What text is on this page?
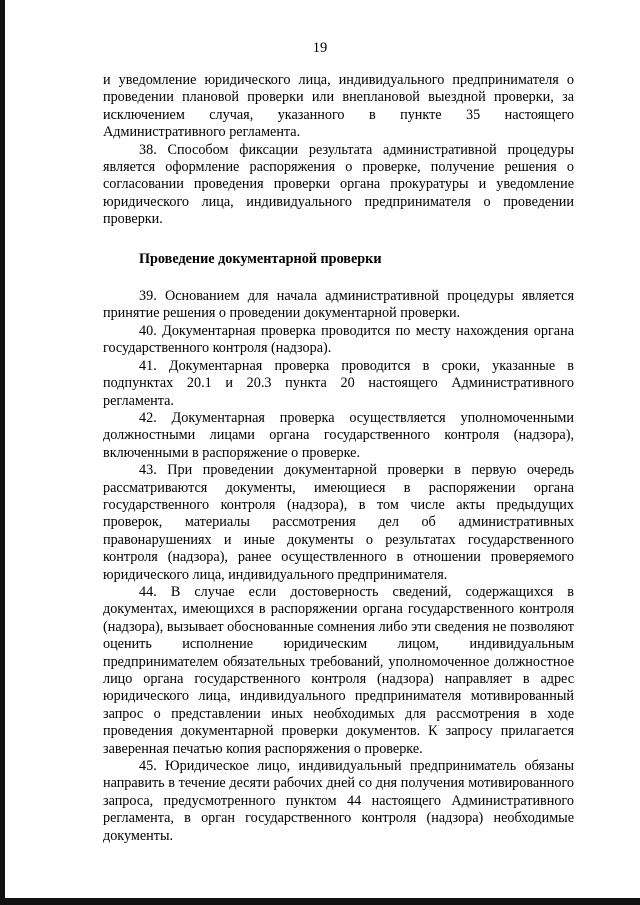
19

и уведомление юридического лица, индивидуального предпринимателя о проведении плановой проверки или внеплановой выездной проверки, за исключением случая, указанного в пункте 35 настоящего Административного регламента.

38. Способом фиксации результата административной процедуры является оформление распоряжения о проверке, получение решения о согласовании проведения проверки органа прокуратуры и уведомление юридического лица, индивидуального предпринимателя о проведении проверки.

Проведение документарной проверки

39. Основанием для начала административной процедуры является принятие решения о проведении документарной проверки.

40. Документарная проверка проводится по месту нахождения органа государственного контроля (надзора).

41. Документарная проверка проводится в сроки, указанные в подпунктах 20.1 и 20.3 пункта 20 настоящего Административного регламента.

42. Документарная проверка осуществляется уполномоченными должностными лицами органа государственного контроля (надзора), включенными в распоряжение о проверке.

43. При проведении документарной проверки в первую очередь рассматриваются документы, имеющиеся в распоряжении органа государственного контроля (надзора), в том числе акты предыдущих проверок, материалы рассмотрения дел об административных правонарушениях и иные документы о результатах государственного контроля (надзора), ранее осуществленного в отношении проверяемого юридического лица, индивидуального предпринимателя.

44. В случае если достоверность сведений, содержащихся в документах, имеющихся в распоряжении органа государственного контроля (надзора), вызывает обоснованные сомнения либо эти сведения не позволяют оценить исполнение юридическим лицом, индивидуальным предпринимателем обязательных требований, уполномоченное должностное лицо органа государственного контроля (надзора) направляет в адрес юридического лица, индивидуального предпринимателя мотивированный запрос о представлении иных необходимых для рассмотрения в ходе проведения документарной проверки документов. К запросу прилагается заверенная печатью копия распоряжения о проверке.

45. Юридическое лицо, индивидуальный предприниматель обязаны направить в течение десяти рабочих дней со дня получения мотивированного запроса, предусмотренного пунктом 44 настоящего Административного регламента, в орган государственного контроля (надзора) необходимые документы.
